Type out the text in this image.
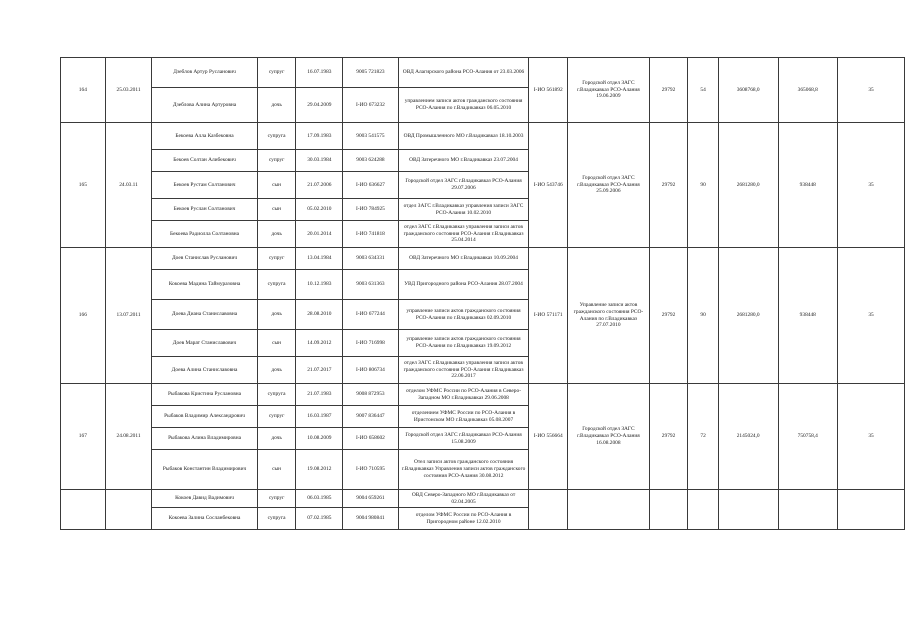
164	25.03.2011	Дзеблов Артур Русланович	супруг	16.07.1983	9005 721823	ОВД Алагирского района РСО-Алания от 23.03.2006	I-ИО 561892	Городской отдел ЗАГС г.Владикавказ РСО-Алания 19.06.2009	29792	54	3608768,0	365068,8	35
		Дзеблова Алина Артуровна	дочь	29.04.2009	I-ИО 673232	управлением записи актов гражданского состояния РСО-Алания по г.Владикавказ 06.05.2010							
165	24.03.11	Бекоева Алла Казбековна	супруга	17.09.1983	9003 541575	ОВД Промышленного МО г.Владикавказ 18.10.2003	I-ИО 543746	Городской отдел ЗАГС г.Владикавказ РСО-Алания 25.09.2006	29792	90	2681280,0	938448	35
		Бекоев Солтан Алибекович	супруг	30.03.1984	9003 624288	ОВД Затеречного МО г.Владикавказ 23.07.2004							
		Бекоев Рустам Солтанович	сын	21.07.2006	I-ИО 636627	Городской отдел ЗАГС г.Владикавказ РСО-Алания 29.07.2006							
		Бекоев Руслан Солтанович	сын	05.02.2010	I-ИО 784925	отдел ЗАГС г.Владикавказ управления записи ЗАГС РСО-Алания 10.02.2010							
		Бекоева Радиолла Солтановна	дочь	20.01.2014	I-ИО 741818	отдел ЗАГС г.Владикавказ управления записи актов гражданского состояния РСО-Алания г.Владикавказ 25.04.2014							
166	13.07.2011	Доев Станислав Русланович	супруг	13.04.1984	9003 634331	ОВД Затеречного МО г.Владикавказ 10.09.2004	I-ИО 571171	Управление записи актов гражданского состояния РСО-Алания по г.Владикавказ 27.07.2010	29792	90	2681280,0	938448	35
		Кокоева Мадина Таймуразовна	супруга	10.12.1983	9003 631363	УВД Пригородного района РСО-Алания 28.07.2004							
		Доева Диана Станиславовна	дочь	28.08.2010	I-ИО 677244	управление записи актов гражданского состояния РСО-Алания по г.Владикавказ 02.09.2010							
		Доев Марат Станиславович	сын	14.09.2012	I-ИО 716998	управление записи актов гражданского состояния РСО-Алания по г.Владикавказ 19.09.2012							
		Доева Алина Станиславовна	дочь	21.07.2017	I-ИО 806734	отдел ЗАГС г.Владикавказ управления записи актов гражданского состояния РСО-Алания г.Владикавказ 22.06.2017							
167	24.08.2011	Рыбакова Кристина Руслановна	супруга	21.07.1983	9008 872953	отделом УФМС России по РСО-Алания в Северо-Западном МО г.Владикавказ 29.06.2008	I-ИО 556664	Городской отдел ЗАГС г.Владикавказ РСО-Алания 16.08.2008	29792	72	2145024,0	750758,4	35
		Рыбаков Владимир Александрович	супруг	16.03.1987	9007 836447	отделением УФМС России по РСО-Алания в Иристонском МО г.Владикавказ 05.08.2007							
		Рыбакова Алина Владимировна	дочь	10.08.2009	I-ИО 658602	Городской отдел ЗАГС г.Владикавказ РСО-Алания 15.08.2009							
		Рыбаков Константин Владимирович	сын	19.08.2012	I-ИО 710595	Отел записи актов гражданского состояния г.Владикавказ Управления записи актов гражданского состояния РСО-Алания 30.08.2012							
		Кокоев Давид Вадимович	супруг	06.03.1985	9004 659261	ОВД Северо-Западного МО г.Владикавказ от 02.04.2005							
		Кокоева Залина Сосланбековна	супруга	07.02.1985	9004 980841	отделом УФМС России по РСО-Алания в Пригородном районе 12.02.2010							
